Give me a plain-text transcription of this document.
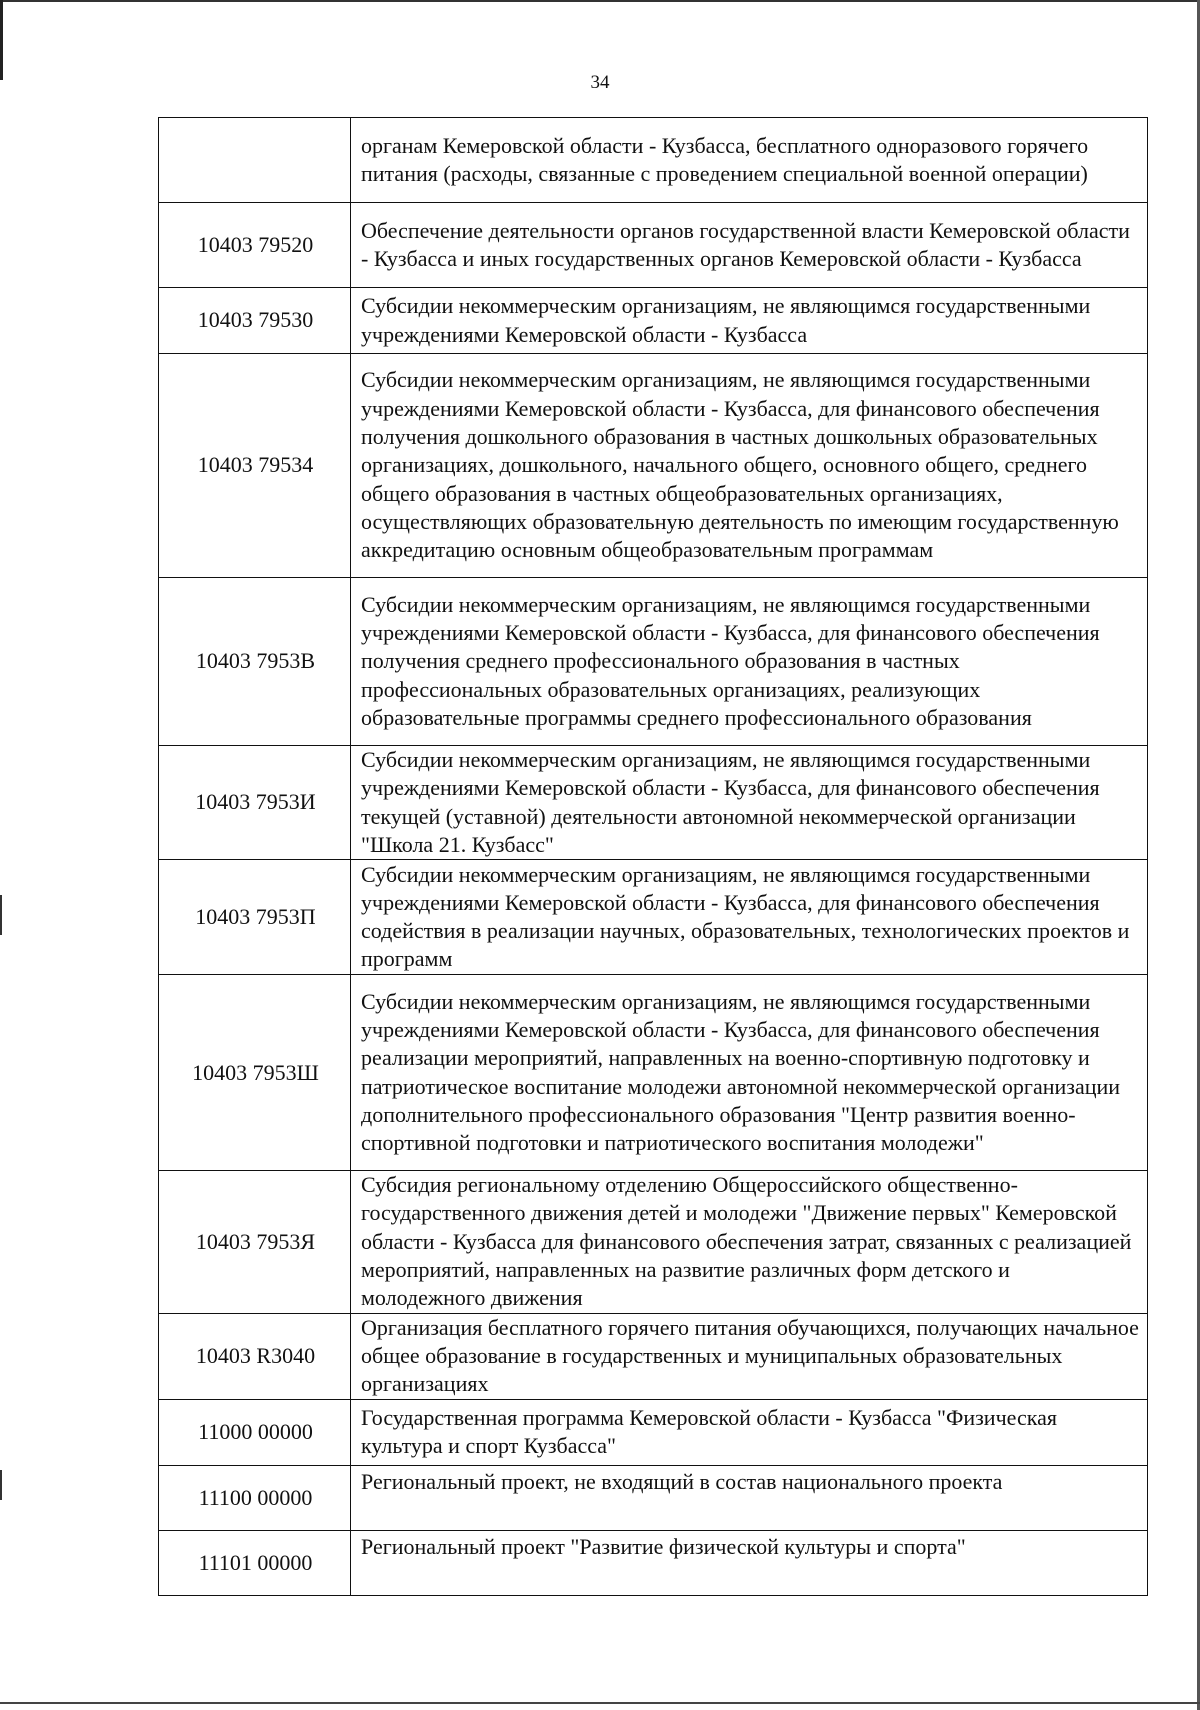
34
	органам Кемеровской области - Кузбасса, бесплатного одноразового горячего питания (расходы, связанные с проведением специальной военной операции)
10403 79520	Обеспечение деятельности органов государственной власти Кемеровской области - Кузбасса и иных государственных органов Кемеровской области - Кузбасса
10403 79530	Субсидии некоммерческим организациям, не являющимся государственными учреждениями Кемеровской области - Кузбасса
10403 79534	Субсидии некоммерческим организациям, не являющимся государственными учреждениями Кемеровской области - Кузбасса, для финансового обеспечения получения дошкольного образования в частных дошкольных образовательных организациях, дошкольного, начального общего, основного общего, среднего общего образования в частных общеобразовательных организациях, осуществляющих образовательную деятельность по имеющим государственную аккредитацию основным общеобразовательным программам
10403 7953В	Субсидии некоммерческим организациям, не являющимся государственными учреждениями Кемеровской области - Кузбасса, для финансового обеспечения получения среднего профессионального образования в частных профессиональных образовательных организациях, реализующих образовательные программы среднего профессионального образования
10403 7953И	Субсидии некоммерческим организациям, не являющимся государственными учреждениями Кемеровской области - Кузбасса, для финансового обеспечения текущей (уставной) деятельности автономной некоммерческой организации "Школа 21. Кузбасс"
10403 7953П	Субсидии некоммерческим организациям, не являющимся государственными учреждениями Кемеровской области - Кузбасса, для финансового обеспечения содействия в реализации научных, образовательных, технологических проектов и программ
10403 7953Ш	Субсидии некоммерческим организациям, не являющимся государственными учреждениями Кемеровской области - Кузбасса, для финансового обеспечения реализации мероприятий, направленных на военно-спортивную подготовку и патриотическое воспитание молодежи автономной некоммерческой организации дополнительного профессионального образования "Центр развития военно-спортивной подготовки и патриотического воспитания молодежи"
10403 7953Я	Субсидия региональному отделению Общероссийского общественно-государственного движения детей и молодежи "Движение первых" Кемеровской области - Кузбасса для финансового обеспечения затрат, связанных с реализацией мероприятий, направленных на развитие различных форм детского и молодежного движения
10403 R3040	Организация бесплатного горячего питания обучающихся, получающих начальное общее образование в государственных и муниципальных образовательных организациях
11000 00000	Государственная программа Кемеровской области - Кузбасса "Физическая культура и спорт Кузбасса"
11100 00000	Региональный проект, не входящий в состав национального проекта
11101 00000	Региональный проект "Развитие физической культуры и спорта"
